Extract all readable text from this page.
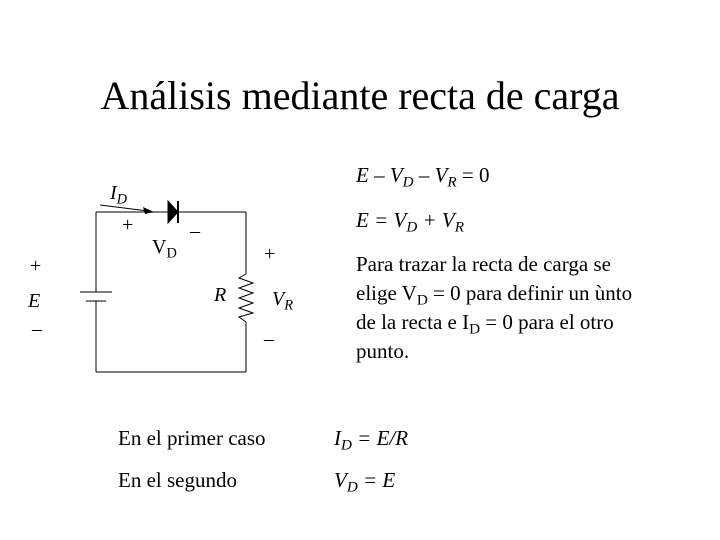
Análisis mediante recta de carga
$I_D$
+	–
$V_D$
+
E
–
R
+
$V_R$
–
$E - V_D - V_R = 0$
$E = V_D + V_R$
Para trazar la recta de carga se
elige $V_D = 0$ para definir un ùnto
de la recta e $I_D = 0$ para el otro
punto.
En el primer caso	$I_D = E/R$
En el segundo	$V_D = E$
